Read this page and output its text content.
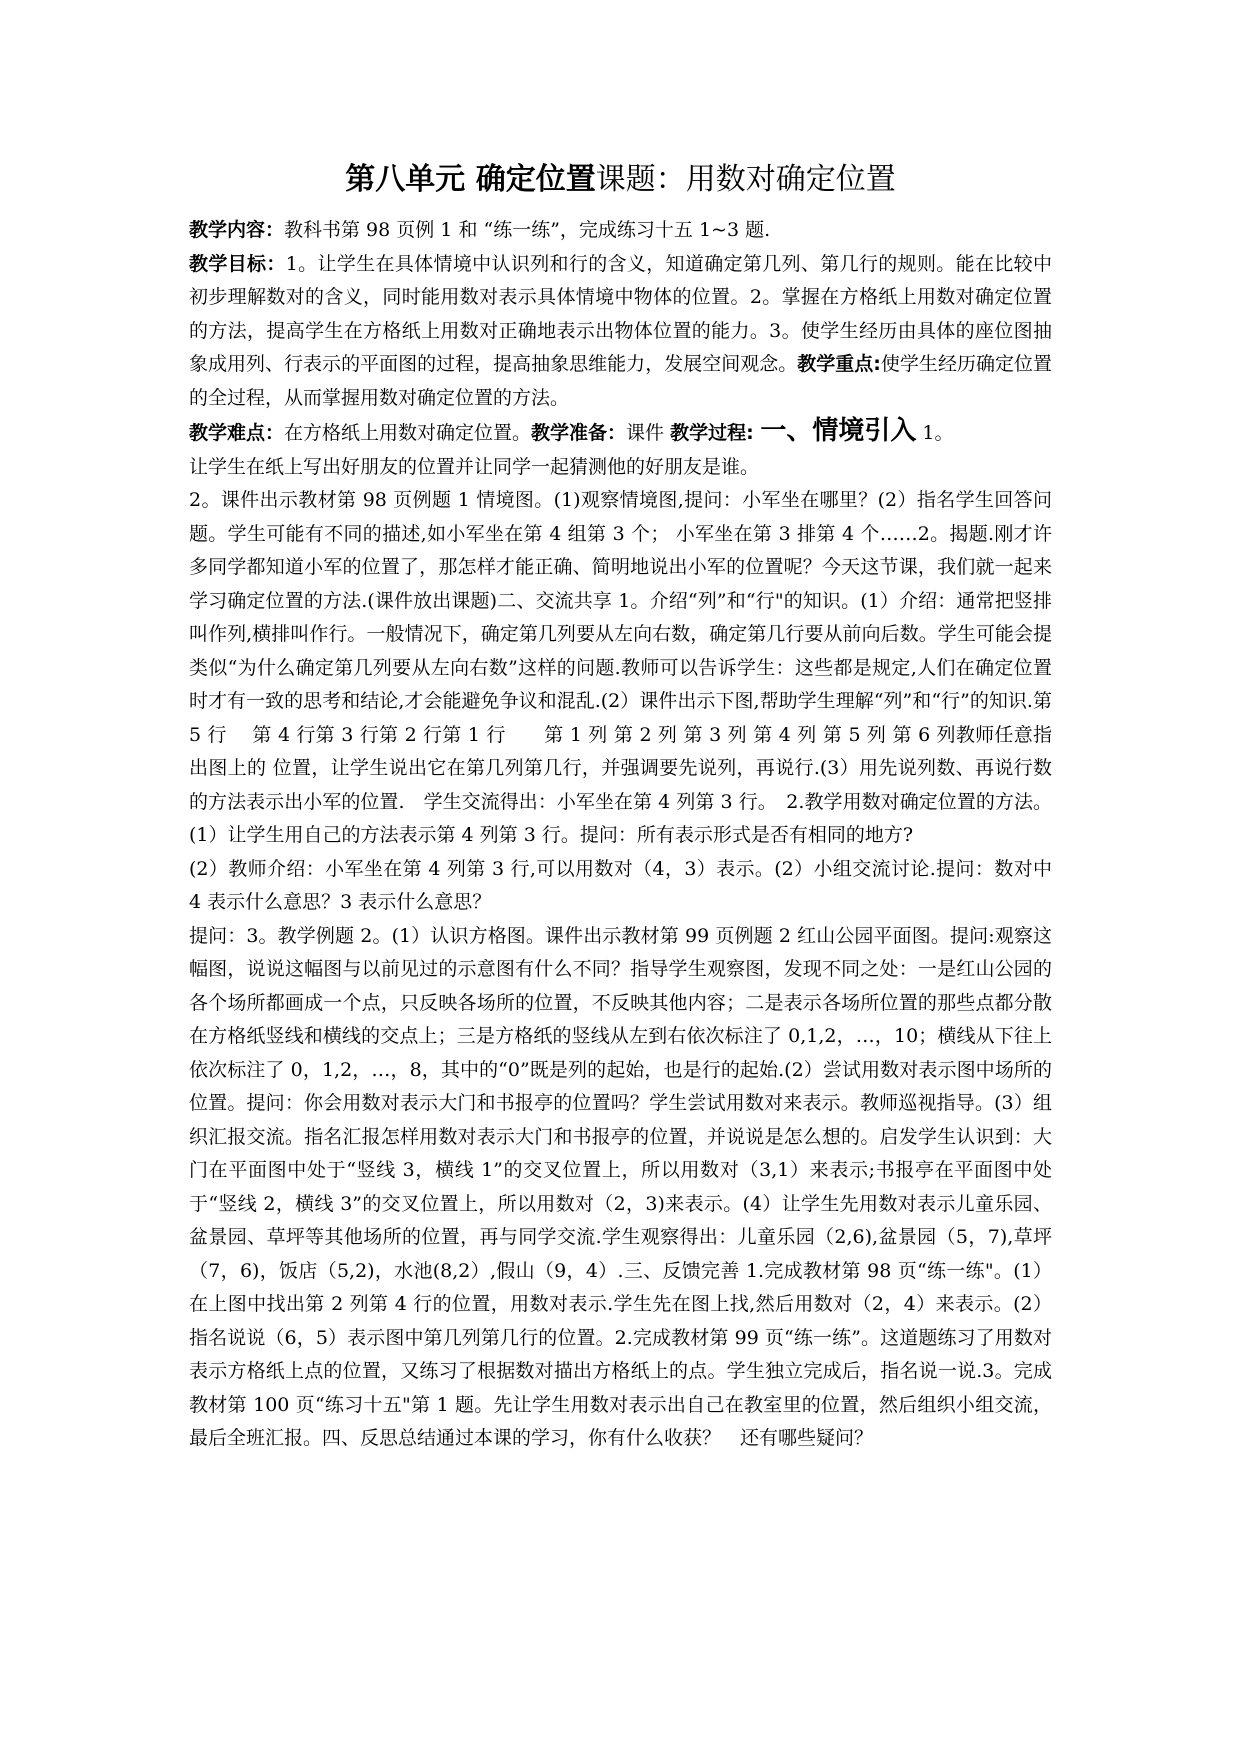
第八单元 确定位置课题：用数对确定位置

教学内容：教科书第 98 页例 1 和 “练一练”，完成练习十五 1~3 题.

教学目标：1。让学生在具体情境中认识列和行的含义，知道确定第几列、第几行的规则。能在比较中初步理解数对的含义，同时能用数对表示具体情境中物体的位置。2。掌握在方格纸上用数对确定位置的方法，提高学生在方格纸上用数对正确地表示出物体位置的能力。3。使学生经历由具体的座位图抽象成用列、行表示的平面图的过程，提高抽象思维能力，发展空间观念。教学重点:使学生经历确定位置的全过程，从而掌握用数对确定位置的方法。

教学难点：在方格纸上用数对确定位置。教学准备：课件 教学过程: 一、情境引入 1。

让学生在纸上写出好朋友的位置并让同学一起猜测他的好朋友是谁。

2。课件出示教材第 98 页例题 1 情境图。(1)观察情境图,提问：小军坐在哪里？(2）指名学生回答问题。学生可能有不同的描述,如小军坐在第 4 组第 3 个； 小军坐在第 3 排第 4 个……2。揭题.刚才许多同学都知道小军的位置了，那怎样才能正确、简明地说出小军的位置呢？今天这节课，我们就一起来学习确定位置的方法.(课件放出课题)二、交流共享 1。介绍“列”和“行"的知识。(1）介绍：通常把竖排叫作列,横排叫作行。一般情况下，确定第几列要从左向右数，确定第几行要从前向后数。学生可能会提类似“为什么确定第几列要从左向右数”这样的问题.教师可以告诉学生：这些都是规定,人们在确定位置时才有一致的思考和结论,才会能避免争议和混乱.(2）课件出示下图,帮助学生理解“列”和“行”的知识.第 5 行　 第 4 行第 3 行第 2 行第 1 行　　第 1 列 第 2 列 第 3 列 第 4 列 第 5 列 第 6 列教师任意指出图上的 位置，让学生说出它在第几列第几行，并强调要先说列，再说行.(3）用先说列数、再说行数的方法表示出小军的位置.　学生交流得出：小军坐在第 4 列第 3 行。　2.教学用数对确定位置的方法。(1）让学生用自己的方法表示第 4 列第 3 行。提问：所有表示形式是否有相同的地方?

(2）教师介绍：小军坐在第 4 列第 3 行,可以用数对（4，3）表示。(2）小组交流讨论.提问：数对中 4 表示什么意思？3 表示什么意思？

提问：3。教学例题 2。(1）认识方格图。课件出示教材第 99 页例题 2 红山公园平面图。提问:观察这幅图，说说这幅图与以前见过的示意图有什么不同？指导学生观察图，发现不同之处：一是红山公园的各个场所都画成一个点，只反映各场所的位置，不反映其他内容；二是表示各场所位置的那些点都分散在方格纸竖线和横线的交点上；三是方格纸的竖线从左到右依次标注了 0,1,2，…，10；横线从下往上依次标注了 0，1,2，…，8，其中的“0”既是列的起始，也是行的起始.(2）尝试用数对表示图中场所的位置。提问：你会用数对表示大门和书报亭的位置吗？学生尝试用数对来表示。教师巡视指导。(3）组织汇报交流。指名汇报怎样用数对表示大门和书报亭的位置，并说说是怎么想的。启发学生认识到：大门在平面图中处于“竖线 3，横线 1”的交叉位置上，所以用数对（3,1）来表示;书报亭在平面图中处于“竖线 2，横线 3”的交叉位置上，所以用数对（2，3)来表示。(4）让学生先用数对表示儿童乐园、盆景园、草坪等其他场所的位置，再与同学交流.学生观察得出：儿童乐园（2,6),盆景园（5，7),草坪（7，6)，饭店（5,2)，水池(8,2）,假山（9，4）.三、反馈完善 1.完成教材第 98 页“练一练"。(1）在上图中找出第 2 列第 4 行的位置，用数对表示.学生先在图上找,然后用数对（2，4）来表示。(2）指名说说（6，5）表示图中第几列第几行的位置。2.完成教材第 99 页“练一练”。这道题练习了用数对表示方格纸上点的位置，又练习了根据数对描出方格纸上的点。学生独立完成后，指名说一说.3。完成教材第 100 页“练习十五"第 1 题。先让学生用数对表示出自己在教室里的位置，然后组织小组交流，最后全班汇报。四、反思总结通过本课的学习，你有什么收获？　还有哪些疑问？
